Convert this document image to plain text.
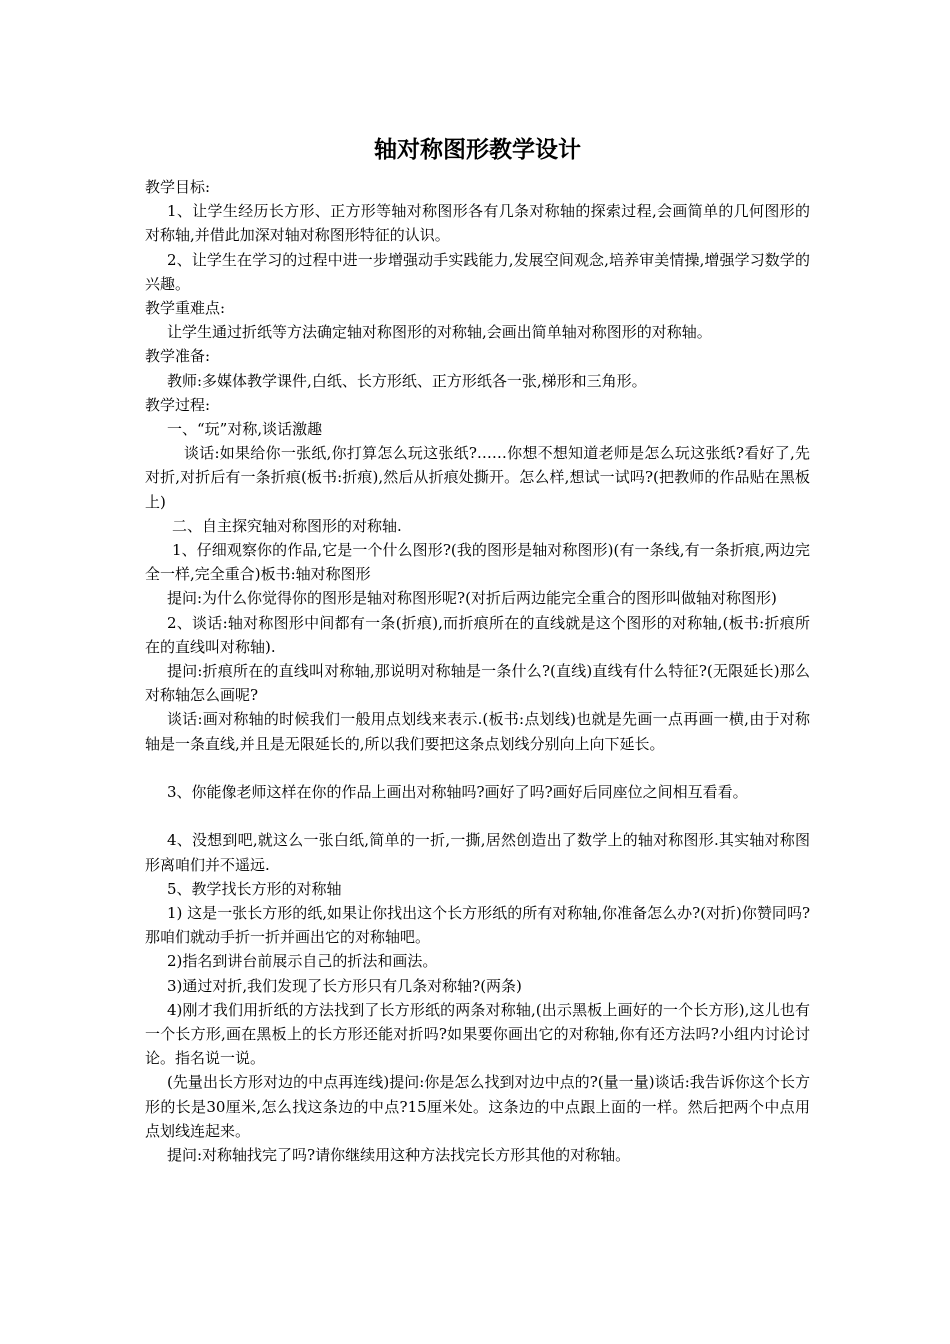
轴对称图形教学设计

教学目标:

1、让学生经历长方形、正方形等轴对称图形各有几条对称轴的探索过程,会画简单的几何图形的对称轴,并借此加深对轴对称图形特征的认识。

2、让学生在学习的过程中进一步增强动手实践能力,发展空间观念,培养审美情操,增强学习数学的兴趣。

教学重难点:

让学生通过折纸等方法确定轴对称图形的对称轴,会画出简单轴对称图形的对称轴。

教学准备:

教师:多媒体教学课件,白纸、长方形纸、正方形纸各一张,梯形和三角形。

教学过程:

一、“玩”对称,谈话激趣

谈话:如果给你一张纸,你打算怎么玩这张纸?……你想不想知道老师是怎么玩这张纸?看好了,先对折,对折后有一条折痕(板书:折痕),然后从折痕处撕开。怎么样,想试一试吗?(把教师的作品贴在黑板上)

二、自主探究轴对称图形的对称轴.

1、仔细观察你的作品,它是一个什么图形?(我的图形是轴对称图形)(有一条线,有一条折痕,两边完全一样,完全重合)板书:轴对称图形

提问:为什么你觉得你的图形是轴对称图形呢?(对折后两边能完全重合的图形叫做轴对称图形)

2、谈话:轴对称图形中间都有一条(折痕),而折痕所在的直线就是这个图形的对称轴,(板书:折痕所在的直线叫对称轴).

提问:折痕所在的直线叫对称轴,那说明对称轴是一条什么?(直线)直线有什么特征?(无限延长)那么对称轴怎么画呢?

谈话:画对称轴的时候我们一般用点划线来表示.(板书:点划线)也就是先画一点再画一横,由于对称轴是一条直线,并且是无限延长的,所以我们要把这条点划线分别向上向下延长。

3、你能像老师这样在你的作品上画出对称轴吗?画好了吗?画好后同座位之间相互看看。

4、没想到吧,就这么一张白纸,简单的一折,一撕,居然创造出了数学上的轴对称图形.其实轴对称图形离咱们并不遥远.

5、教学找长方形的对称轴

1) 这是一张长方形的纸,如果让你找出这个长方形纸的所有对称轴,你准备怎么办?(对折)你赞同吗?那咱们就动手折一折并画出它的对称轴吧。

2)指名到讲台前展示自己的折法和画法。

3)通过对折,我们发现了长方形只有几条对称轴?(两条)

4)刚才我们用折纸的方法找到了长方形纸的两条对称轴,(出示黑板上画好的一个长方形),这儿也有一个长方形,画在黑板上的长方形还能对折吗?如果要你画出它的对称轴,你有还方法吗?小组内讨论讨论。指名说一说。

(先量出长方形对边的中点再连线)提问:你是怎么找到对边中点的?(量一量)谈话:我告诉你这个长方形的长是30厘米,怎么找这条边的中点?15厘米处。这条边的中点跟上面的一样。然后把两个中点用点划线连起来。

提问:对称轴找完了吗?请你继续用这种方法找完长方形其他的对称轴。
